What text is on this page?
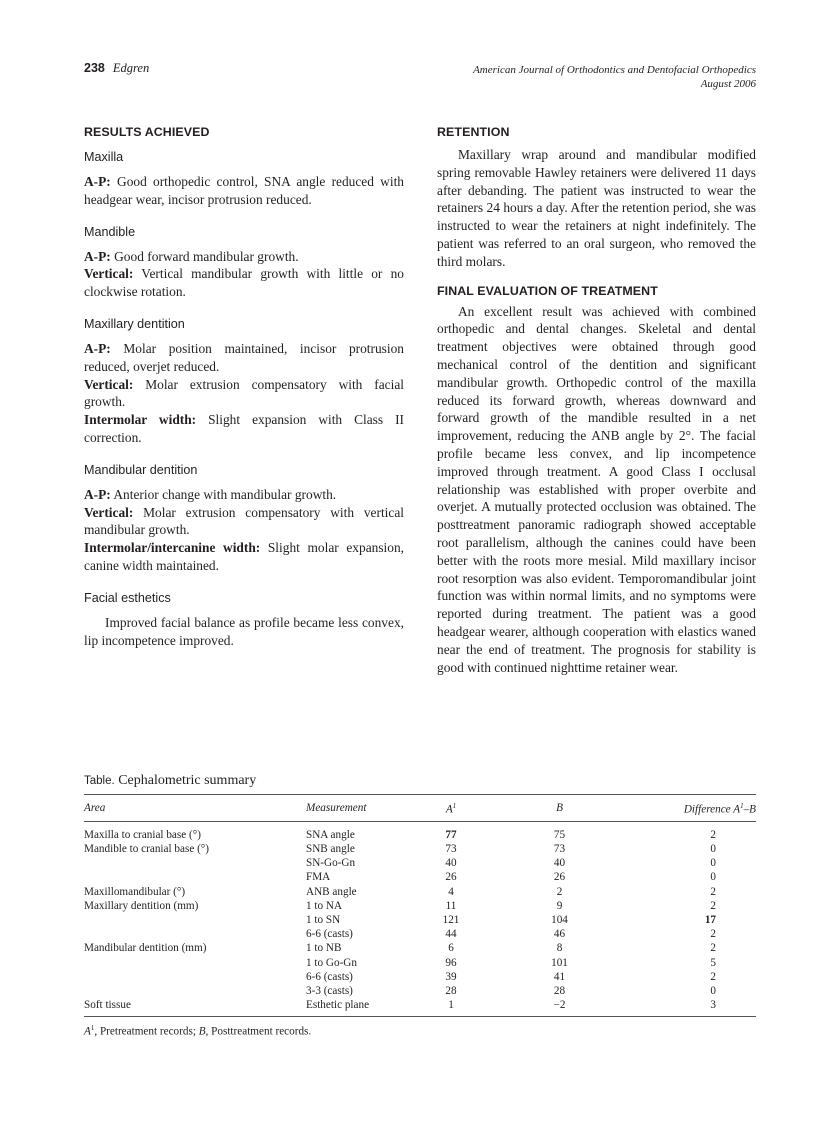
238 Edgren	American Journal of Orthodontics and Dentofacial Orthopedics
August 2006
RESULTS ACHIEVED
Maxilla

A-P: Good orthopedic control, SNA angle reduced with headgear wear, incisor protrusion reduced.

Mandible

A-P: Good forward mandibular growth.

Vertical: Vertical mandibular growth with little or no clockwise rotation.

Maxillary dentition

A-P: Molar position maintained, incisor protrusion reduced, overjet reduced.

Vertical: Molar extrusion compensatory with facial growth.

Intermolar width: Slight expansion with Class II correction.

Mandibular dentition

A-P: Anterior change with mandibular growth.

Vertical: Molar extrusion compensatory with vertical mandibular growth.

Intermolar/intercanine width: Slight molar expansion, canine width maintained.

Facial esthetics

Improved facial balance as profile became less convex, lip incompetence improved.

RETENTION

Maxillary wrap around and mandibular modified spring removable Hawley retainers were delivered 11 days after debanding. The patient was instructed to wear the retainers 24 hours a day. After the retention period, she was instructed to wear the retainers at night indefinitely. The patient was referred to an oral surgeon, who removed the third molars.

FINAL EVALUATION OF TREATMENT

An excellent result was achieved with combined orthopedic and dental changes. Skeletal and dental treatment objectives were obtained through good mechanical control of the dentition and significant mandibular growth. Orthopedic control of the maxilla reduced its forward growth, whereas downward and forward growth of the mandible resulted in a net improvement, reducing the ANB angle by 2°. The facial profile became less convex, and lip incompetence improved through treatment. A good Class I occlusal relationship was established with proper overbite and overjet. A mutually protected occlusion was obtained. The posttreatment panoramic radiograph showed acceptable root parallelism, although the canines could have been better with the roots more mesial. Mild maxillary incisor root resorption was also evident. Temporomandibular joint function was within normal limits, and no symptoms were reported during treatment. The patient was a good headgear wearer, although cooperation with elastics waned near the end of treatment. The prognosis for stability is good with continued nighttime retainer wear.

Table. Cephalometric summary
Area	Measurement	$A^1$	B	Difference $A^1-B$
Maxilla to cranial base (°)	SNA angle	77	75	2
Mandible to cranial base (°)	SNB angle	73	73	0
	SN-Go-Gn	40	40	0
	FMA	26	26	0
Maxillomandibular (°)	ANB angle	4	2	2
Maxillary dentition (mm)	1 to NA	11	9	2
	1 to SN	121	104	17
	6-6 (casts)	44	46	2
Mandibular dentition (mm)	1 to NB	6	8	2
	1 to Go-Gn	96	101	5
	6-6 (casts)	39	41	2
	3-3 (casts)	28	28	0
Soft tissue	Esthetic plane	1	−2	3
$A^1$, Pretreatment records; B, Posttreatment records.
